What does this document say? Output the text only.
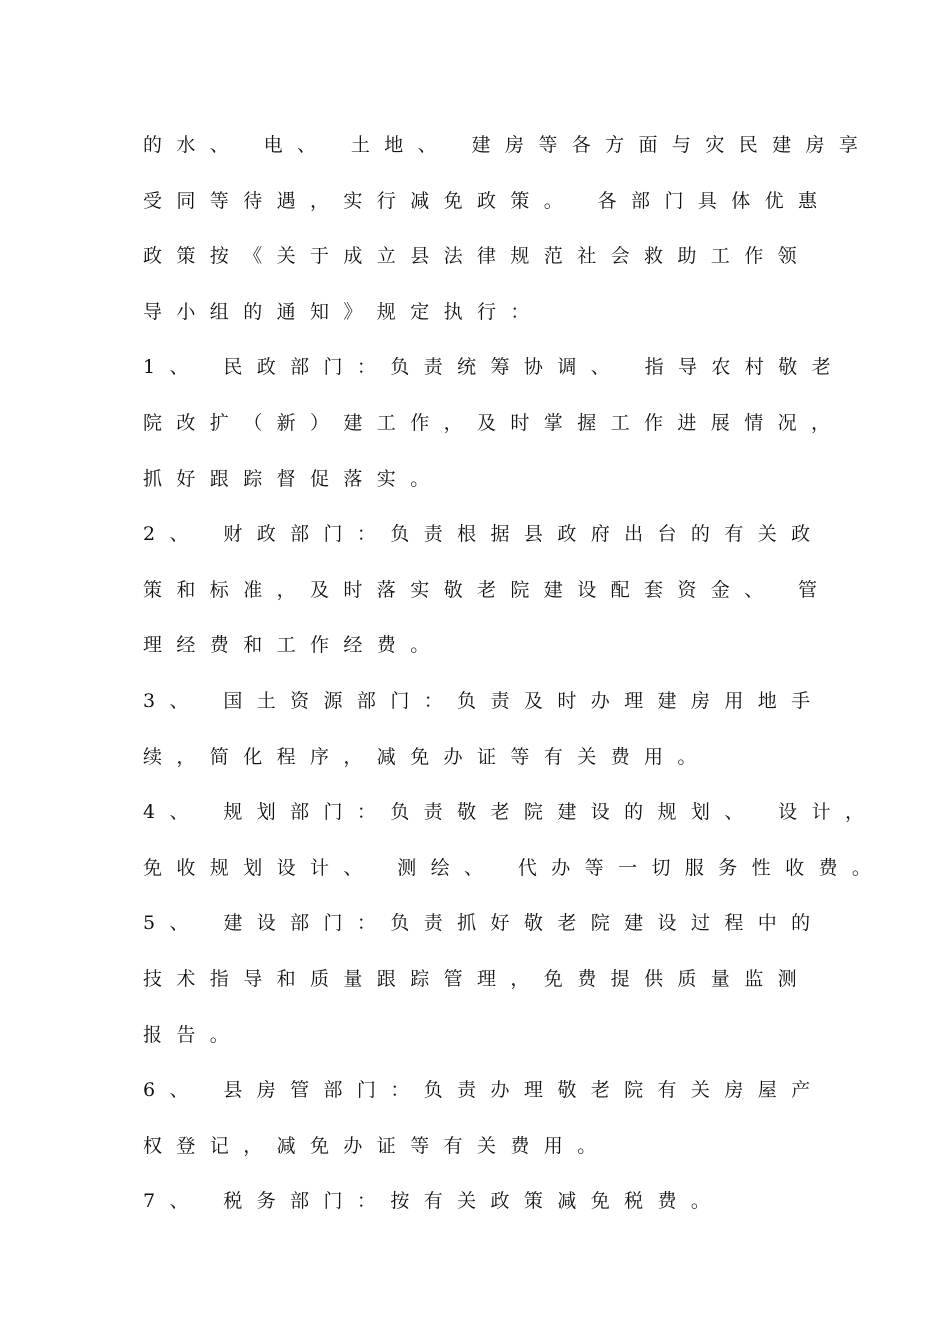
的水、 电、 土地、 建房等各方面与灾民建房享

受同等待遇，实行减免政策。 各部门具体优惠

政策按《关于成立县法律规范社会救助工作领

导小组的通知》规定执行：

1、 民政部门：负责统筹协调、 指导农村敬老

院改扩（新）建工作，及时掌握工作进展情况，

抓好跟踪督促落实。

2、 财政部门：负责根据县政府出台的有关政

策和标准，及时落实敬老院建设配套资金、 管

理经费和工作经费。

3、 国土资源部门：负责及时办理建房用地手

续，简化程序，减免办证等有关费用。

4、 规划部门：负责敬老院建设的规划、 设计，

免收规划设计、 测绘、 代办等一切服务性收费。

5、 建设部门：负责抓好敬老院建设过程中的

技术指导和质量跟踪管理，免费提供质量监测

报告。

6、 县房管部门：负责办理敬老院有关房屋产

权登记，减免办证等有关费用。

7、 税务部门：按有关政策减免税费。
